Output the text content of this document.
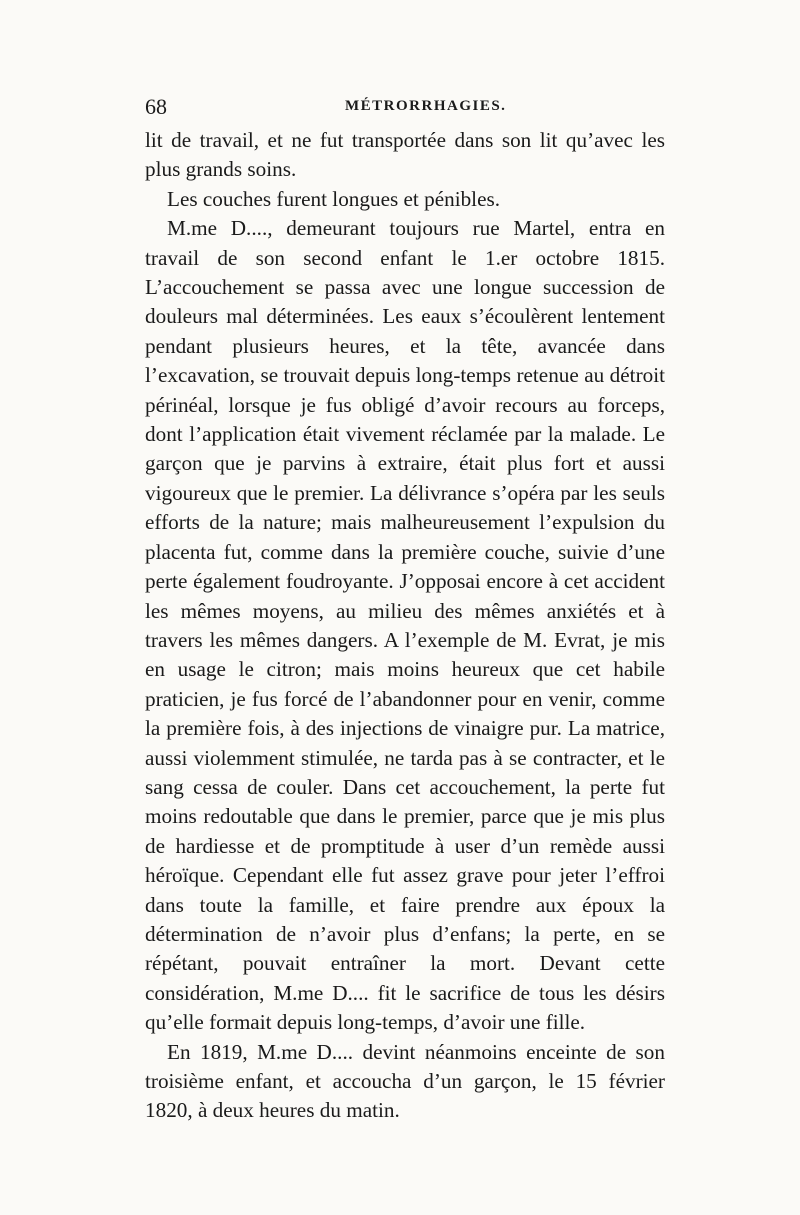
68	MÉTRORRHAGIES.

lit de travail, et ne fut transportée dans son lit qu’avec les plus grands soins.

Les couches furent longues et pénibles.

M.me D...., demeurant toujours rue Martel, entra en travail de son second enfant le 1.er octobre 1815. L’accouchement se passa avec une longue succession de douleurs mal déterminées. Les eaux s’écoulèrent lentement pendant plusieurs heures, et la tête, avancée dans l’excavation, se trouvait depuis long-temps retenue au détroit périnéal, lorsque je fus obligé d’avoir recours au forceps, dont l’application était vivement réclamée par la malade. Le garçon que je parvins à extraire, était plus fort et aussi vigoureux que le premier. La délivrance s’opéra par les seuls efforts de la nature; mais malheureusement l’expulsion du placenta fut, comme dans la première couche, suivie d’une perte également foudroyante. J’opposai encore à cet accident les mêmes moyens, au milieu des mêmes anxiétés et à travers les mêmes dangers. A l’exemple de M. Evrat, je mis en usage le citron; mais moins heureux que cet habile praticien, je fus forcé de l’abandonner pour en venir, comme la première fois, à des injections de vinaigre pur. La matrice, aussi violemment stimulée, ne tarda pas à se contracter, et le sang cessa de couler. Dans cet accouchement, la perte fut moins redoutable que dans le premier, parce que je mis plus de hardiesse et de promptitude à user d’un remède aussi héroïque. Cependant elle fut assez grave pour jeter l’effroi dans toute la famille, et faire prendre aux époux la détermination de n’avoir plus d’enfans; la perte, en se répétant, pouvait entraîner la mort. Devant cette considération, M.me D.... fit le sacrifice de tous les désirs qu’elle formait depuis long-temps, d’avoir une fille.

En 1819, M.me D.... devint néanmoins enceinte de son troisième enfant, et accoucha d’un garçon, le 15 février 1820, à deux heures du matin.
